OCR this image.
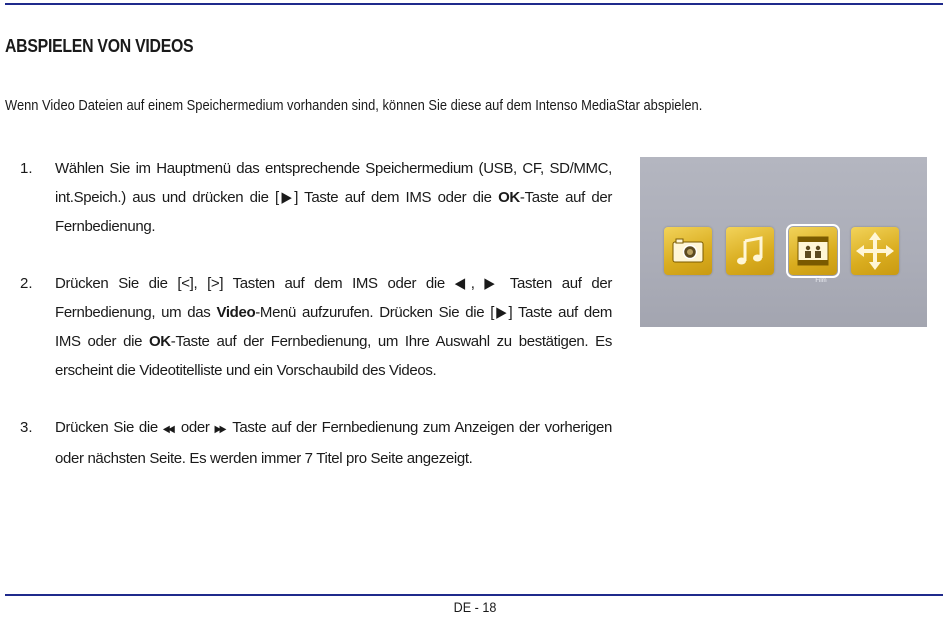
ABSPIELEN VON VIDEOS

Wenn Video Dateien auf einem Speichermedium vorhanden sind, können Sie diese auf dem Intenso MediaStar abspielen.

1. Wählen Sie im Hauptmenü das entsprechende Speichermedium (USB, CF, SD/MMC, int.Speich.) aus und drücken die [▶] Taste auf dem IMS oder die OK-Taste auf der Fernbedienung.
2. Drücken Sie die [<], [>] Tasten auf dem IMS oder die ◀, ▶ Tasten auf der Fernbedienung, um das Video-Menü aufzurufen. Drücken Sie die [▶] Taste auf dem IMS oder die OK-Taste auf der Fernbedienung, um Ihre Auswahl zu bestätigen. Es erscheint die Videotitelliste und ein Vorschaubild des Videos.
3. Drücken Sie die ◀◀ oder ▶▶ Taste auf der Fernbedienung zum Anzeigen der vorherigen oder nächsten Seite. Es werden immer 7 Titel pro Seite angezeigt.
Film
DE - 18
